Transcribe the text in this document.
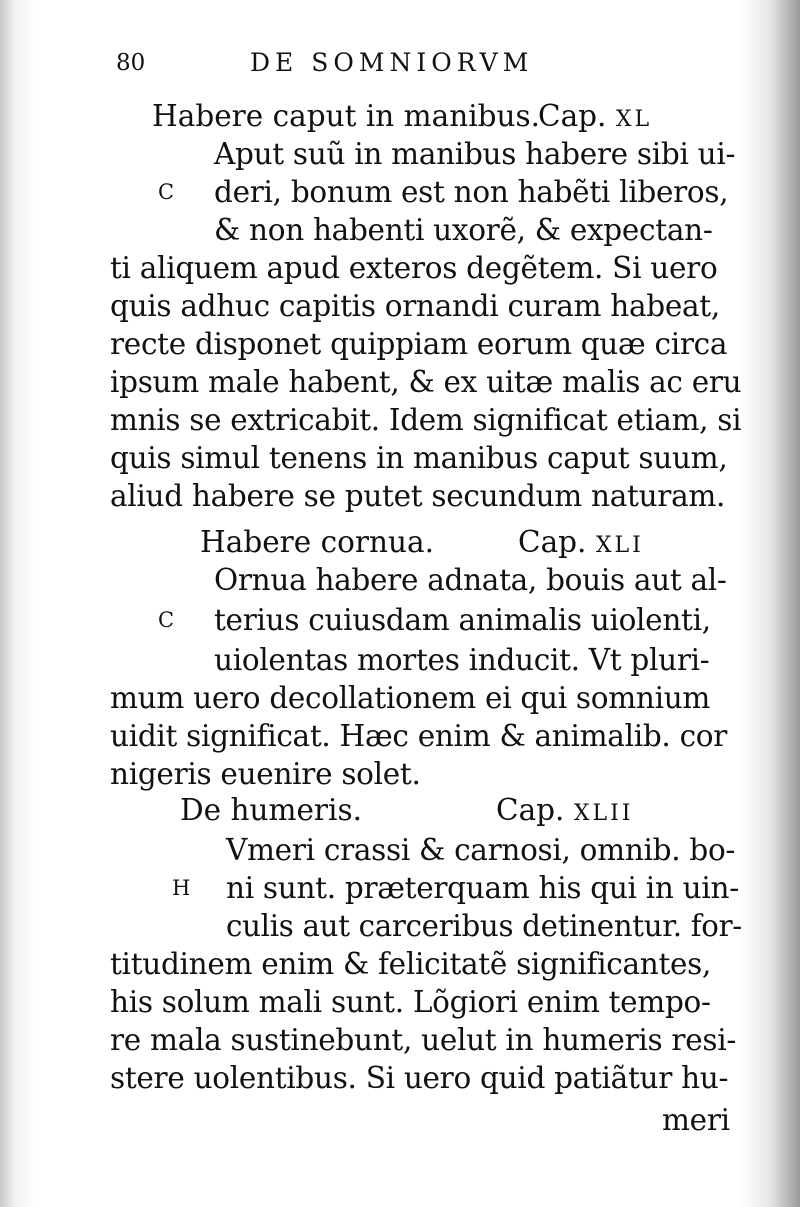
80	DE SOMNIORVM
Habere caput in manibus.
Cap. XL
Aput suũ in manibus habere sibi ui-
C deri, bonum est non habẽti liberos,
& non habenti uxorẽ, & expectan-
ti aliquem apud exteros degẽtem. Si uero
quis adhuc capitis ornandi curam habeat,
recte disponet quippiam eorum quæ circa
ipsum male habent, & ex uitæ malis ac eru
mnis se extricabit. Idem significat etiam, si
quis simul tenens in manibus caput suum,
aliud habere se putet secundum naturam.
Habere cornua.	Cap. XLI
Ornua habere adnata, bouis aut al-
C terius cuiusdam animalis uiolenti,
uiolentas mortes inducit. Vt pluri-
mum uero decollationem ei qui somnium
uidit significat. Hæc enim & animalib. cor
nigeris euenire solet.
De humeris.	Cap. XLII
Vmeri crassi & carnosi, omnib. bo-
H ni sunt. præterquam his qui in uin-
culis aut carceribus detinentur. for-
titudinem enim & felicitatẽ significantes,
his solum mali sunt. Lõgiori enim tempo-
re mala sustinebunt, uelut in humeris resi-
stere uolentibus. Si uero quid patiãtur hu-
meri
